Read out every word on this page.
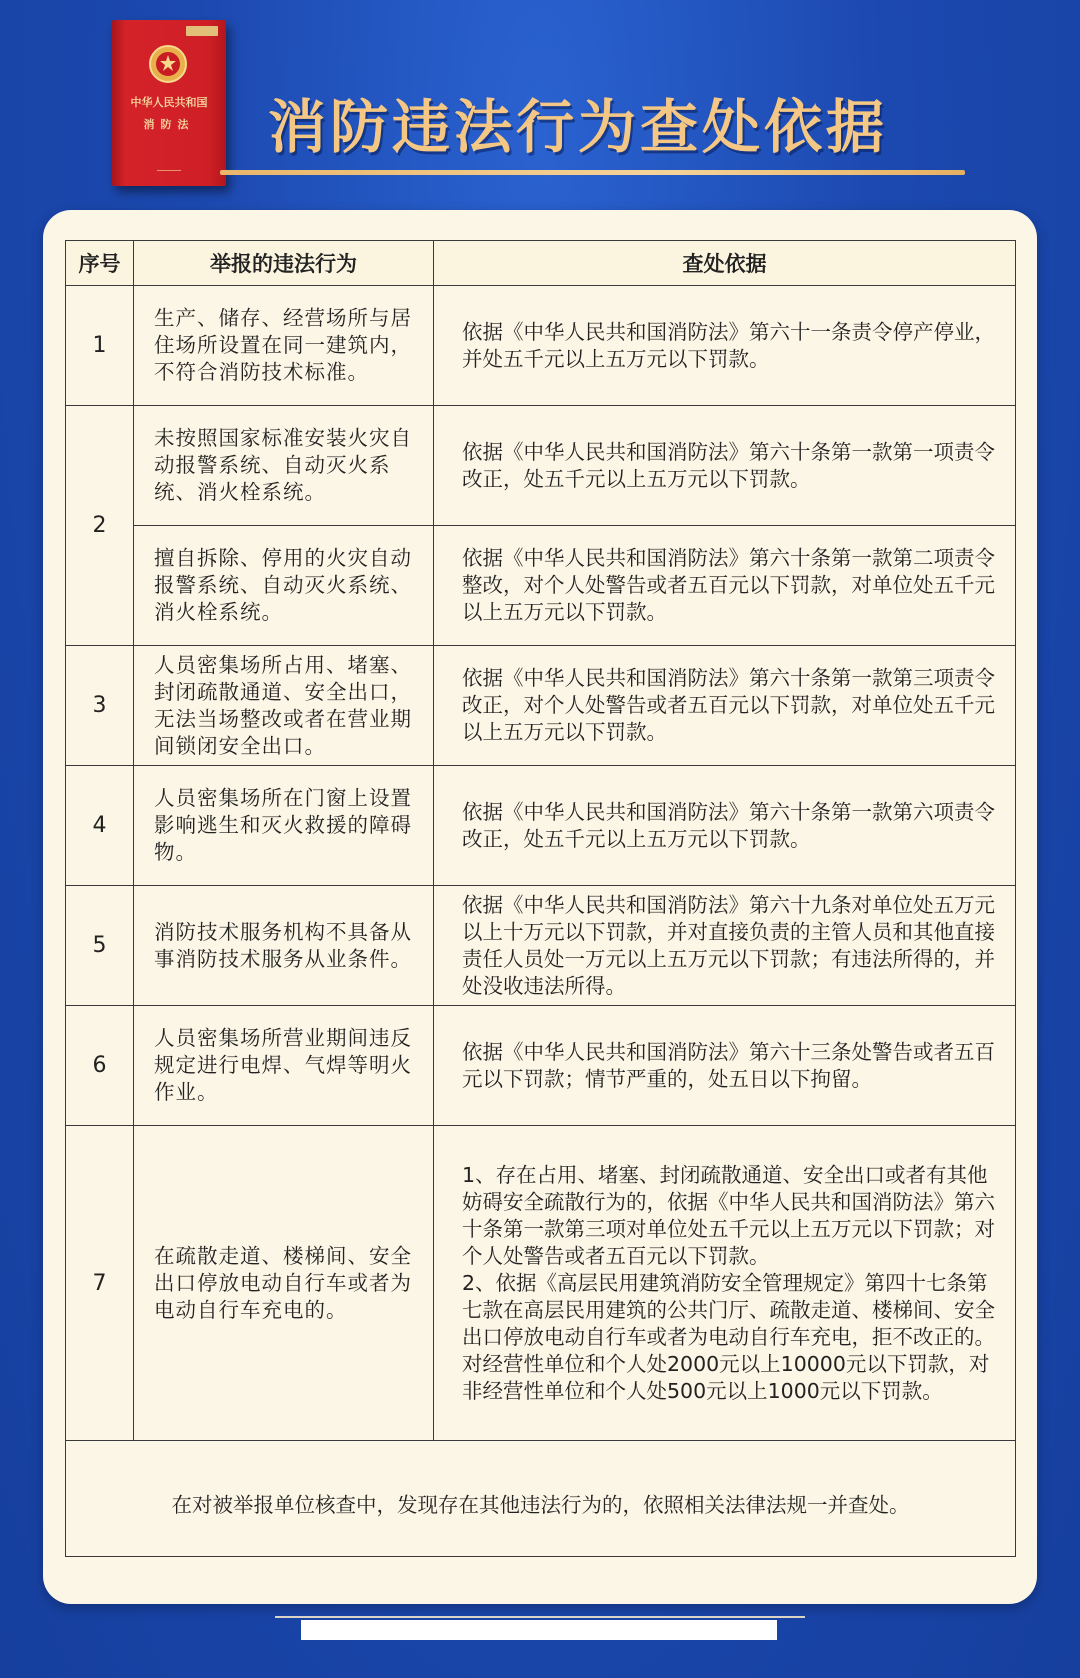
中华人民共和国
消防法
━━━━━━━━
消防违法行为查处依据
序号	举报的违法行为	查处依据
1	生产、储存、经营场所与居住场所设置在同一建筑内，不符合消防技术标准。	依据《中华人民共和国消防法》第六十一条责令停产停业，并处五千元以上五万元以下罚款。
2	未按照国家标准安装火灾自动报警系统、自动灭火系统、消火栓系统。	依据《中华人民共和国消防法》第六十条第一款第一项责令改正，处五千元以上五万元以下罚款。
	擅自拆除、停用的火灾自动报警系统、自动灭火系统、消火栓系统。	依据《中华人民共和国消防法》第六十条第一款第二项责令整改，对个人处警告或者五百元以下罚款，对单位处五千元以上五万元以下罚款。
3	人员密集场所占用、堵塞、封闭疏散通道、安全出口，无法当场整改或者在营业期间锁闭安全出口。	依据《中华人民共和国消防法》第六十条第一款第三项责令改正，对个人处警告或者五百元以下罚款，对单位处五千元以上五万元以下罚款。
4	人员密集场所在门窗上设置影响逃生和灭火救援的障碍物。	依据《中华人民共和国消防法》第六十条第一款第六项责令改正，处五千元以上五万元以下罚款。
5	消防技术服务机构不具备从事消防技术服务从业条件。	依据《中华人民共和国消防法》第六十九条对单位处五万元以上十万元以下罚款，并对直接负责的主管人员和其他直接责任人员处一万元以上五万元以下罚款；有违法所得的，并处没收违法所得。
6	人员密集场所营业期间违反规定进行电焊、气焊等明火作业。	依据《中华人民共和国消防法》第六十三条处警告或者五百元以下罚款；情节严重的，处五日以下拘留。
7	在疏散走道、楼梯间、安全出口停放电动自行车或者为电动自行车充电的。	1、存在占用、堵塞、封闭疏散通道、安全出口或者有其他妨碍安全疏散行为的，依据《中华人民共和国消防法》第六十条第一款第三项对单位处五千元以上五万元以下罚款；对个人处警告或者五百元以下罚款。
2、依据《高层民用建筑消防安全管理规定》第四十七条第七款在高层民用建筑的公共门厅、疏散走道、楼梯间、安全出口停放电动自行车或者为电动自行车充电，拒不改正的。对经营性单位和个人处2000元以上10000元以下罚款，对非经营性单位和个人处500元以上1000元以下罚款。

在对被举报单位核查中，发现存在其他违法行为的，依照相关法律法规一并查处。		
